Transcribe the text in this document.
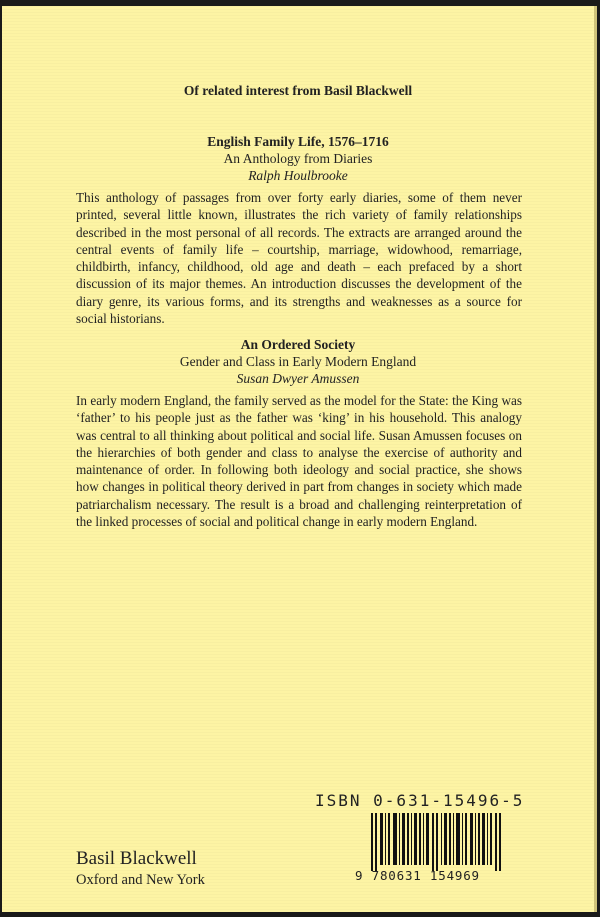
Of related interest from Basil Blackwell
English Family Life, 1576–1716
An Anthology from Diaries
Ralph Houlbrooke
This anthology of passages from over forty early diaries, some of them never printed, several little known, illustrates the rich variety of family relationships described in the most personal of all records. The extracts are arranged around the central events of family life – courtship, marriage, widowhood, remarriage, childbirth, infancy, childhood, old age and death – each prefaced by a short discussion of its major themes. An introduction discusses the development of the diary genre, its various forms, and its strengths and weaknesses as a source for social historians.
An Ordered Society
Gender and Class in Early Modern England
Susan Dwyer Amussen
In early modern England, the family served as the model for the State: the King was ‘father’ to his people just as the father was ‘king’ in his household. This analogy was central to all thinking about political and social life. Susan Amussen focuses on the hierarchies of both gender and class to analyse the exercise of authority and maintenance of order. In following both ideology and social practice, she shows how changes in political theory derived in part from changes in society which made patriarchalism necessary. The result is a broad and challenging reinterpretation of the linked processes of social and political change in early modern England.
ISBN 0-631-15496-5
9 780631 154969
Basil Blackwell
Oxford and New York
